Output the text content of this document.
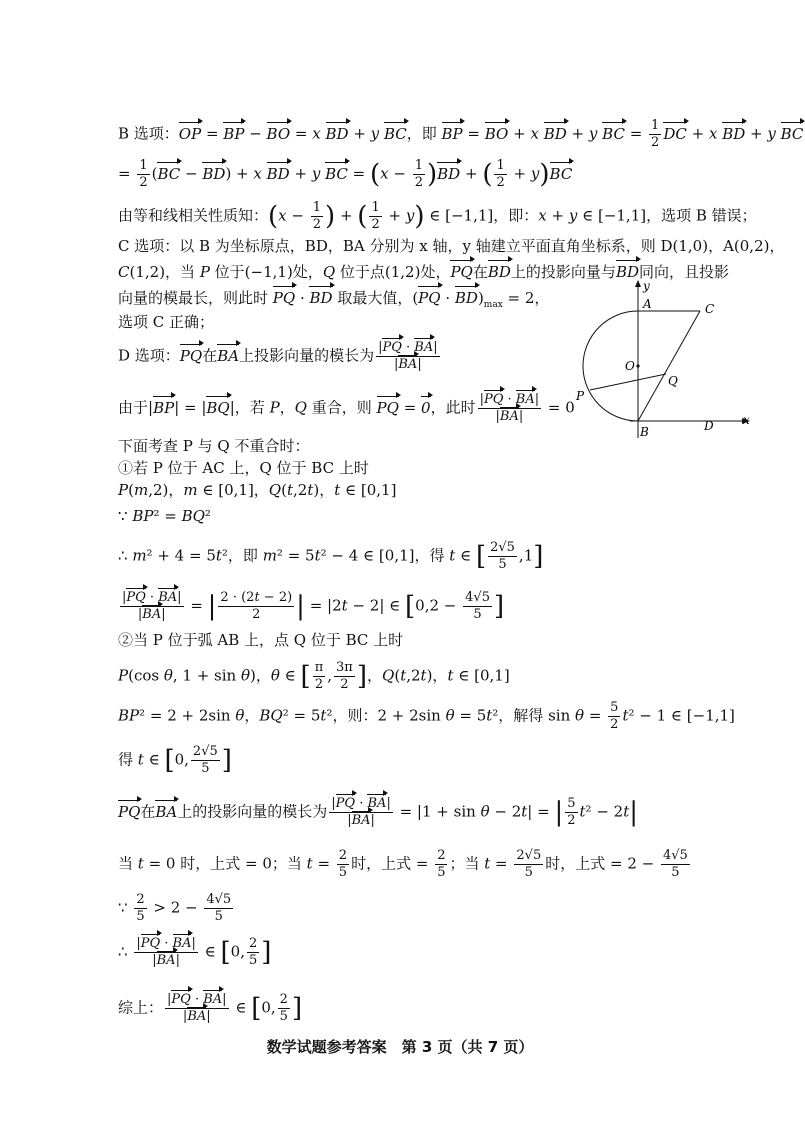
B 选项：OP = BP − BO = x BD + y BC，即 BP = BO + x BD + y BC = $\frac{1}{2}$ DC + x BD + y BC
= $\frac{1}{2} (BC - BD) + x$ BD + y BC = $(x - \frac{1}{2} )BD$ + ( $\frac{1}{2} + y)BC$
由等和线相关性质知：($x - \frac{1}{2}$ ) + ( $\frac{1}{2} + y$) ∈ [−1,1]，即：x + y ∈ [−1,1]，选项 B 错误；
C 选项：以 B 为坐标原点，BD，BA 分别为 x 轴，y 轴建立平面直角坐标系，则 D(1,0)，A(0,2)，
C(1,2)，当 P 位于(−1,1)处，Q 位于点(1,2)处，PQ在BD上的投影向量与BD同向，且投影
向量的模最长，则此时 PQ · BD 取最大值，$(PQ \cdot BD)_{max} = 2$，
选项 C 正确；
D 选项：PQ在BA上投影向量的模长为 $\frac{|PQ \cdot BA|}{|BA|}$
由于|BP| = |BQ|，若 P，Q 重合，则 PQ = 0，此时 $\frac{|PQ \cdot BA|}{|BA|} = 0$
下面考查 P 与 Q 不重合时：
①若 P 位于 AC 上，Q 位于 BC 上时
P(m,2)，m ∈ [0,1]，Q(t,2t)，t ∈ [0,1]
∵ BP² = BQ²
∴ m² + 4 = 5t²，即 m² = 5t² − 4 ∈ [0,1]，得 t ∈ [ $\frac{2√5}{5} ,1$]
$\frac{|PQ \cdot BA|}{|BA|}$ = | $\frac{2 \cdot (2t - 2)}{2}$ | = |2t − 2| ∈ [$0,2 - \frac{4√5}{5}$ ]
②当 P 位于弧 AB 上，点 Q 位于 BC 上时
P(cos θ, 1 + sin θ)，θ ∈ [ $\frac{\pi}{2}$ , $\frac{3\pi}{2}$ ]，Q(t,2t)，t ∈ [0,1]
BP² = 2 + 2sin θ，BQ² = 5t²，则：2 + 2sin θ = 5t²，解得 $\sin \theta = \frac{5}{2} t^2 - 1$ ∈ [−1,1]
得 t ∈ [0, $\frac{2√5}{5}$ ]
PQ在BA上的投影向量的模长为 $\frac{|PQ \cdot BA|}{|BA|} = |1 + \sin \theta - 2t|$ = | $\frac{5}{2} t^2 - 2t|$
当 t = 0 时，上式 = 0；当 $t = \frac{2}{5}$ 时，上式 = $\frac{2}{5}$ ；当 $t = \frac{2√5}{5}$ 时，上式 = $2 - \frac{4√5}{5}$
∵ $\frac{2}{5} > 2 - \frac{4√5}{5}$
∴ $\frac{|PQ \cdot BA|}{|BA|}$ ∈ [0, $\frac{2}{5}$ ]
综上： $\frac{|PQ \cdot BA|}{|BA|}$ ∈ [0, $\frac{2}{5}$ ]
y
x
A	C
O
Q
P
B	D
数学试题参考答案　第 3 页（共 7 页）
